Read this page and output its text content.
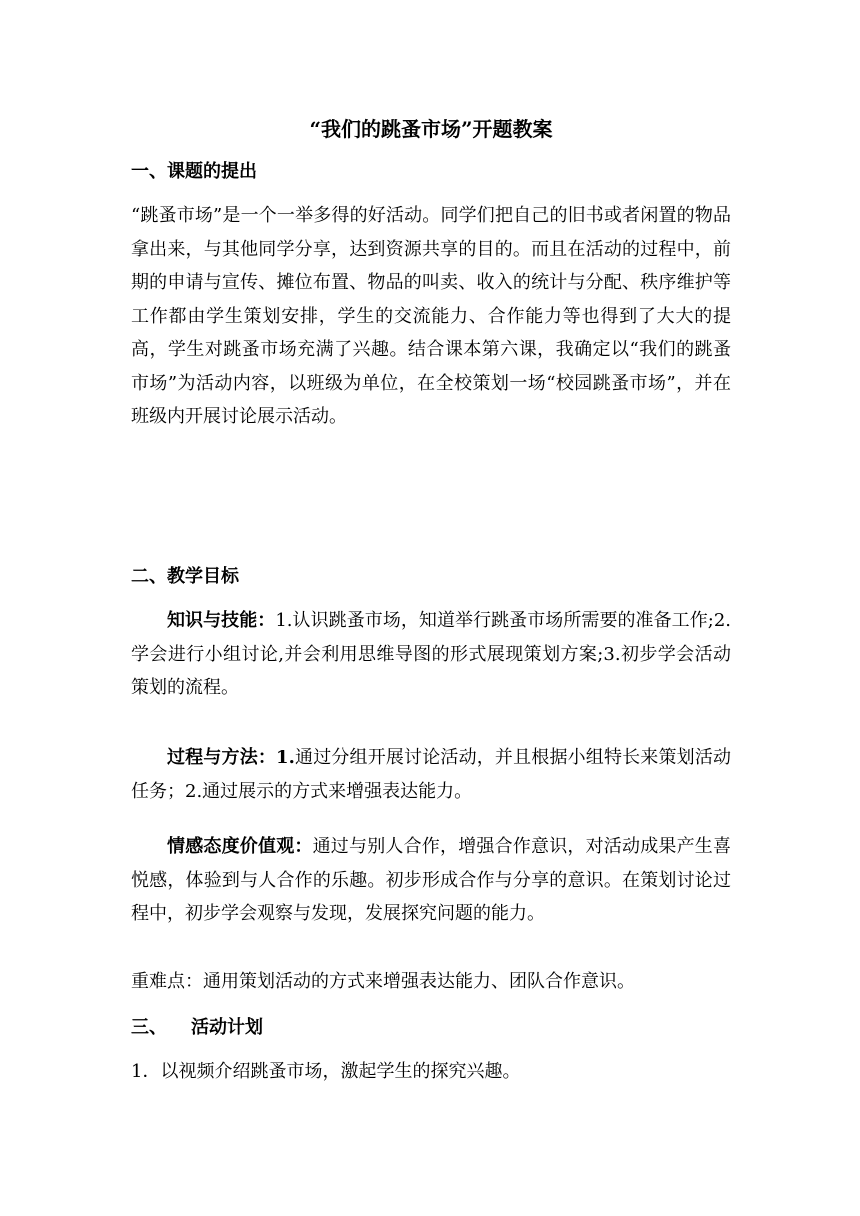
“我们的跳蚤市场”开题教案
一、课题的提出
“跳蚤市场”是一个一举多得的好活动。同学们把自己的旧书或者闲置的物品拿出来，与其他同学分享，达到资源共享的目的。而且在活动的过程中，前期的申请与宣传、摊位布置、物品的叫卖、收入的统计与分配、秩序维护等工作都由学生策划安排，学生的交流能力、合作能力等也得到了大大的提高，学生对跳蚤市场充满了兴趣。结合课本第六课，我确定以“我们的跳蚤市场”为活动内容，以班级为单位，在全校策划一场“校园跳蚤市场”，并在班级内开展讨论展示活动。
二、教学目标
知识与技能：1.认识跳蚤市场，知道举行跳蚤市场所需要的准备工作;2.学会进行小组讨论,并会利用思维导图的形式展现策划方案;3.初步学会活动策划的流程。
过程与方法：1.通过分组开展讨论活动，并且根据小组特长来策划活动任务；2.通过展示的方式来增强表达能力。
情感态度价值观：通过与别人合作，增强合作意识，对活动成果产生喜悦感，体验到与人合作的乐趣。初步形成合作与分享的意识。在策划讨论过程中，初步学会观察与发现，发展探究问题的能力。
重难点：通用策划活动的方式来增强表达能力、团队合作意识。
三、 活动计划
1．以视频介绍跳蚤市场，激起学生的探究兴趣。
